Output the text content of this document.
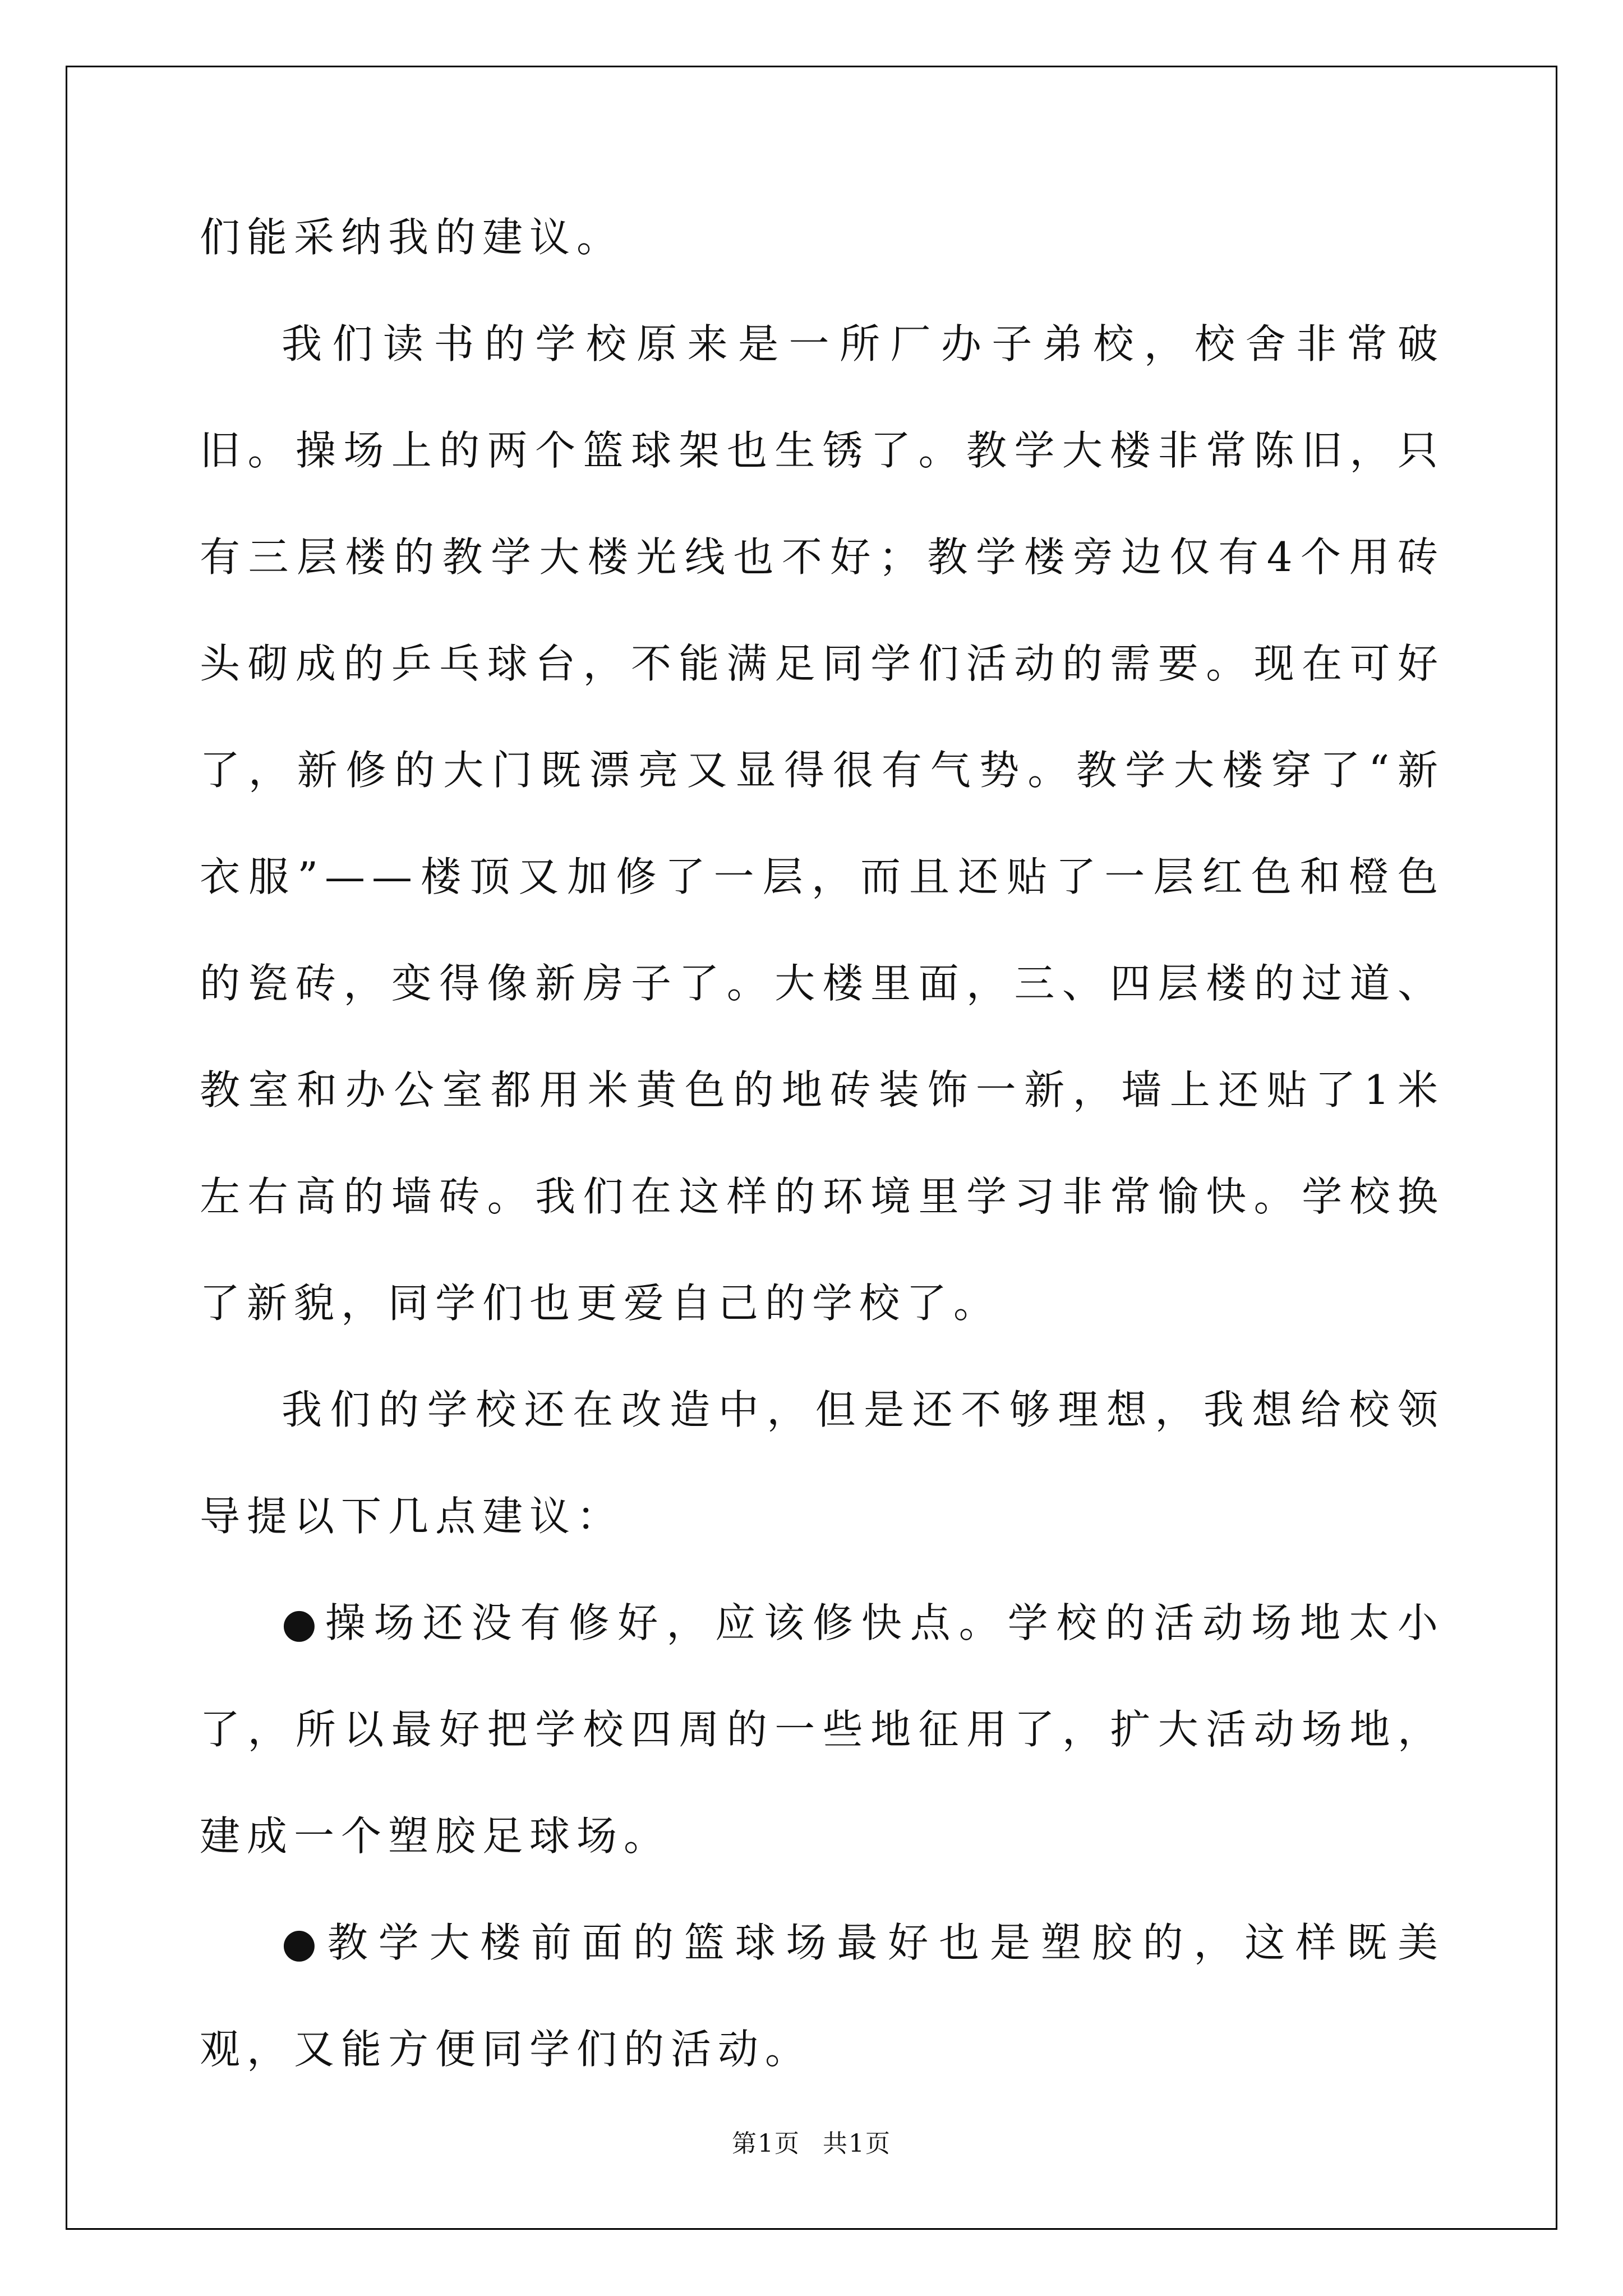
们能采纳我的建议。

我们读书的学校原来是一所厂办子弟校，校舍非常破旧。操场上的两个篮球架也生锈了。教学大楼非常陈旧，只有三层楼的教学大楼光线也不好；教学楼旁边仅有4个用砖头砌成的乒乓球台，不能满足同学们活动的需要。现在可好了，新修的大门既漂亮又显得很有气势。教学大楼穿了“新衣服”——楼顶又加修了一层，而且还贴了一层红色和橙色的瓷砖，变得像新房子了。大楼里面，三、四层楼的过道、教室和办公室都用米黄色的地砖装饰一新，墙上还贴了1米左右高的墙砖。我们在这样的环境里学习非常愉快。学校换了新貌，同学们也更爱自己的学校了。

我们的学校还在改造中，但是还不够理想，我想给校领导提以下几点建议：

●操场还没有修好，应该修快点。学校的活动场地太小了，所以最好把学校四周的一些地征用了，扩大活动场地，建成一个塑胶足球场。

●教学大楼前面的篮球场最好也是塑胶的，这样既美观，又能方便同学们的活动。

第1页 共1页
